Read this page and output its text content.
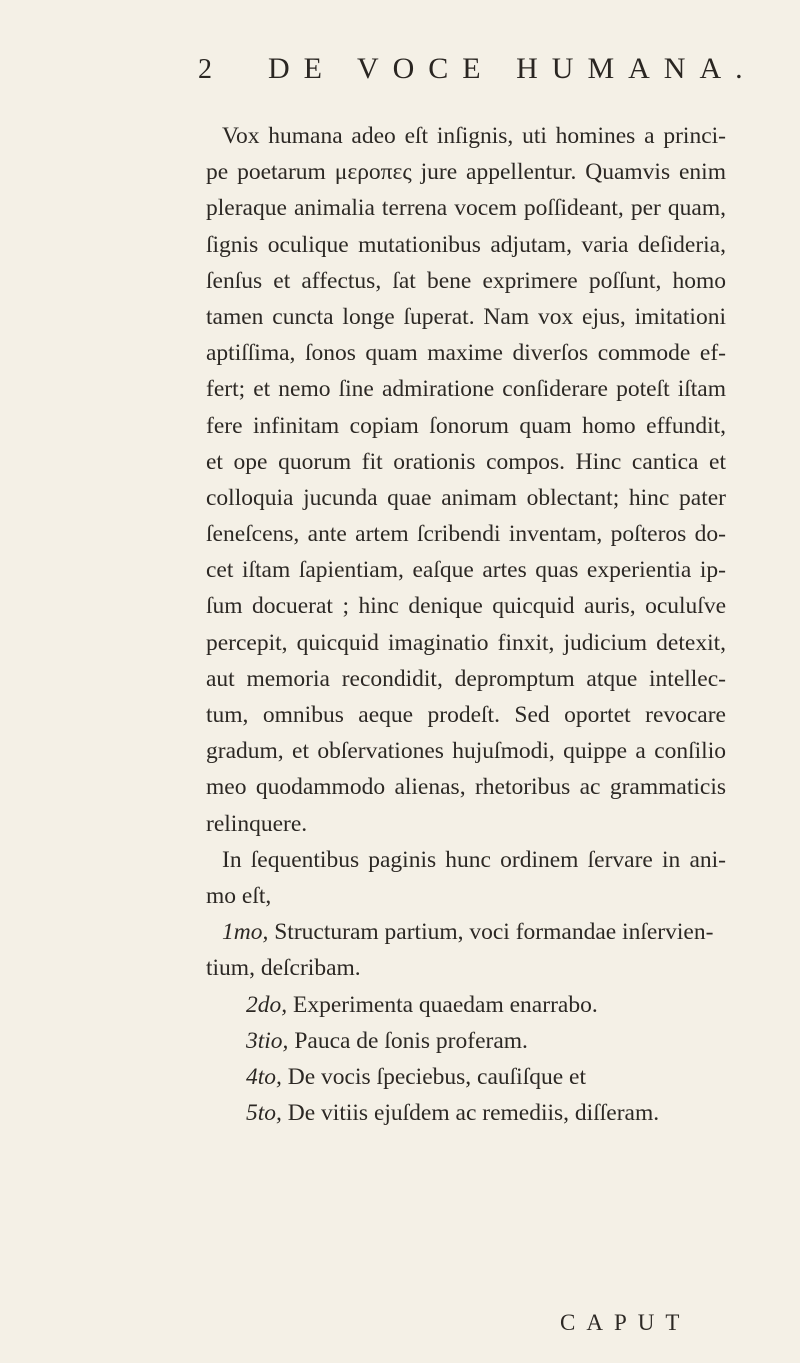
2 DE VOCE HUMANA.
Vox humana adeo eſt inſignis, uti homines a princi-
pe poetarum μεροπες jure appellentur. Quamvis enim
pleraque animalia terrena vocem poſſideant, per quam,
ſignis oculique mutationibus adjutam, varia deſideria,
ſenſus et affectus, ſat bene exprimere poſſunt, homo
tamen cuncta longe ſuperat. Nam vox ejus, imitationi
aptiſſima, ſonos quam maxime diverſos commode ef-
fert; et nemo ſine admiratione conſiderare poteſt iſtam
fere infinitam copiam ſonorum quam homo effundit,
et ope quorum fit orationis compos. Hinc cantica et
colloquia jucunda quae animam oblectant; hinc pater
ſeneſcens, ante artem ſcribendi inventam, poſteros do-
cet iſtam ſapientiam, eaſque artes quas experientia ip-
ſum docuerat ; hinc denique quicquid auris, oculuſve
percepit, quicquid imaginatio finxit, judicium detexit,
aut memoria recondidit, depromptum atque intellec-
tum, omnibus aeque prodeſt. Sed oportet revocare
gradum, et obſervationes hujuſmodi, quippe a conſilio
meo quodammodo alienas, rhetoribus ac grammaticis
relinquere.
In ſequentibus paginis hunc ordinem ſervare in ani-
mo eſt,
1mo, Structuram partium, voci formandae inſervien-
tium, deſcribam.
2do, Experimenta quaedam enarrabo.
3tio, Pauca de ſonis proferam.
4to, De vocis ſpeciebus, cauſiſque et
5to, De vitiis ejuſdem ac remediis, diſſeram.
CAPUT
